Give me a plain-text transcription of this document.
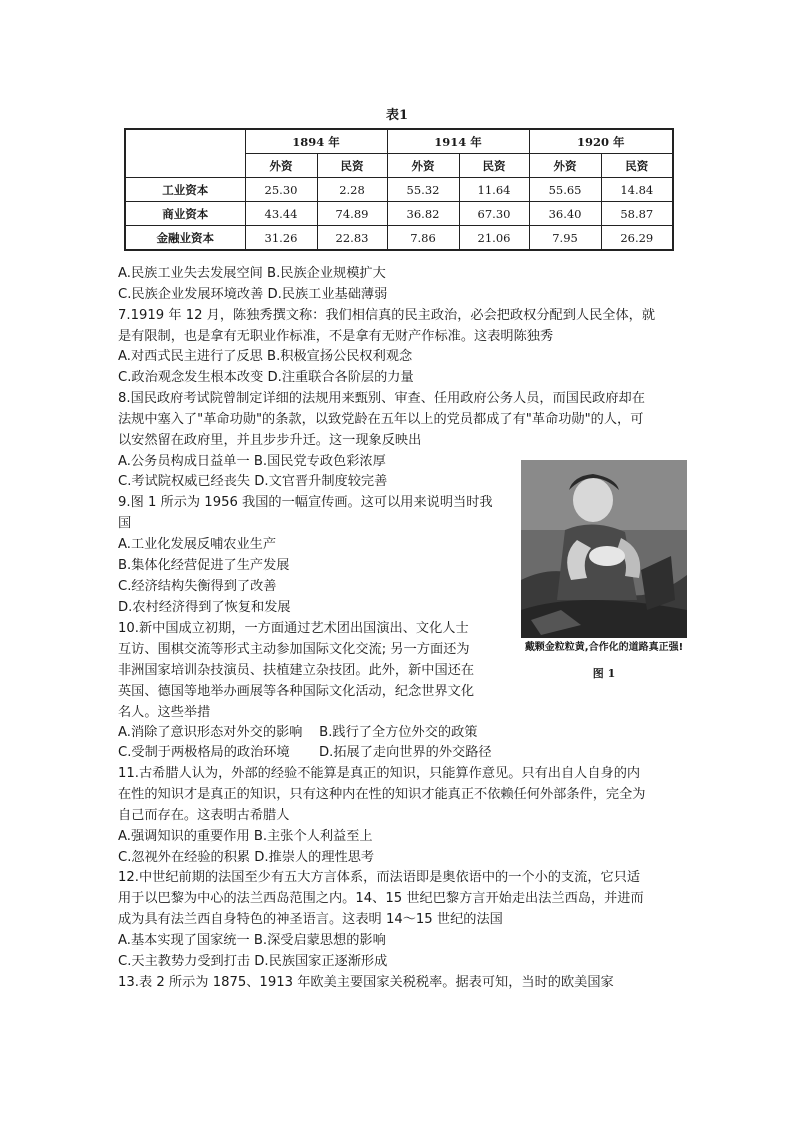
表1
	1894 年		1914 年		1920 年	
	外资	民资	外资	民资	外资	民资
工业资本	25.30	2.28	55.32	11.64	55.65	14.84
商业资本	43.44	74.89	36.82	67.30	36.40	58.87
金融业资本	31.26	22.83	7.86	21.06	7.95	26.29
A.民族工业失去发展空间 B.民族企业规模扩大
C.民族企业发展环境改善 D.民族工业基础薄弱
7.1919 年 12 月，陈独秀撰文称：我们相信真的民主政治，必会把政权分配到人民全体，就
是有限制，也是拿有无职业作标准，不是拿有无财产作标准。这表明陈独秀
A.对西式民主进行了反思 B.积极宣扬公民权利观念
C.政治观念发生根本改变 D.注重联合各阶层的力量
8.国民政府考试院曾制定详细的法规用来甄别、审查、任用政府公务人员，而国民政府却在
法规中塞入了"革命功勋"的条款，以致党龄在五年以上的党员都成了有"革命功勋"的人，可
以安然留在政府里，并且步步升迁。这一现象反映出
A.公务员构成日益单一 B.国民党专政色彩浓厚
C.考试院权威已经丧失 D.文官晋升制度较完善
9.图 1 所示为 1956 我国的一幅宣传画。这可以用来说明当时我
国
A.工业化发展反哺农业生产
B.集体化经营促进了生产发展
C.经济结构失衡得到了改善
D.农村经济得到了恢复和发展
戴颗金粒粒黄,合作化的道路真正强!
图 1
10.新中国成立初期，一方面通过艺术团出国演出、文化人士
互访、围棋交流等形式主动参加国际文化交流; 另一方面还为
非洲国家培训杂技演员、扶植建立杂技团。此外，新中国还在
英国、德国等地举办画展等各种国际文化活动，纪念世界文化
名人。这些举措
A.消除了意识形态对外交的影响    B.践行了全方位外交的政策
C.受制于两极格局的政治环境       D.拓展了走向世界的外交路径
11.古希腊人认为，外部的经验不能算是真正的知识，只能算作意见。只有出自人自身的内
在性的知识才是真正的知识，只有这种内在性的知识才能真正不依赖任何外部条件，完全为
自己而存在。这表明古希腊人
A.强调知识的重要作用 B.主张个人利益至上
C.忽视外在经验的积累 D.推崇人的理性思考
12.中世纪前期的法国至少有五大方言体系，而法语即是奥依语中的一个小的支流，它只适
用于以巴黎为中心的法兰西岛范围之内。14、15 世纪巴黎方言开始走出法兰西岛，并进而
成为具有法兰西自身特色的神圣语言。这表明 14～15 世纪的法国
A.基本实现了国家统一 B.深受启蒙思想的影响
C.天主教势力受到打击 D.民族国家正逐渐形成
13.表 2 所示为 1875、1913 年欧美主要国家关税税率。据表可知，当时的欧美国家
